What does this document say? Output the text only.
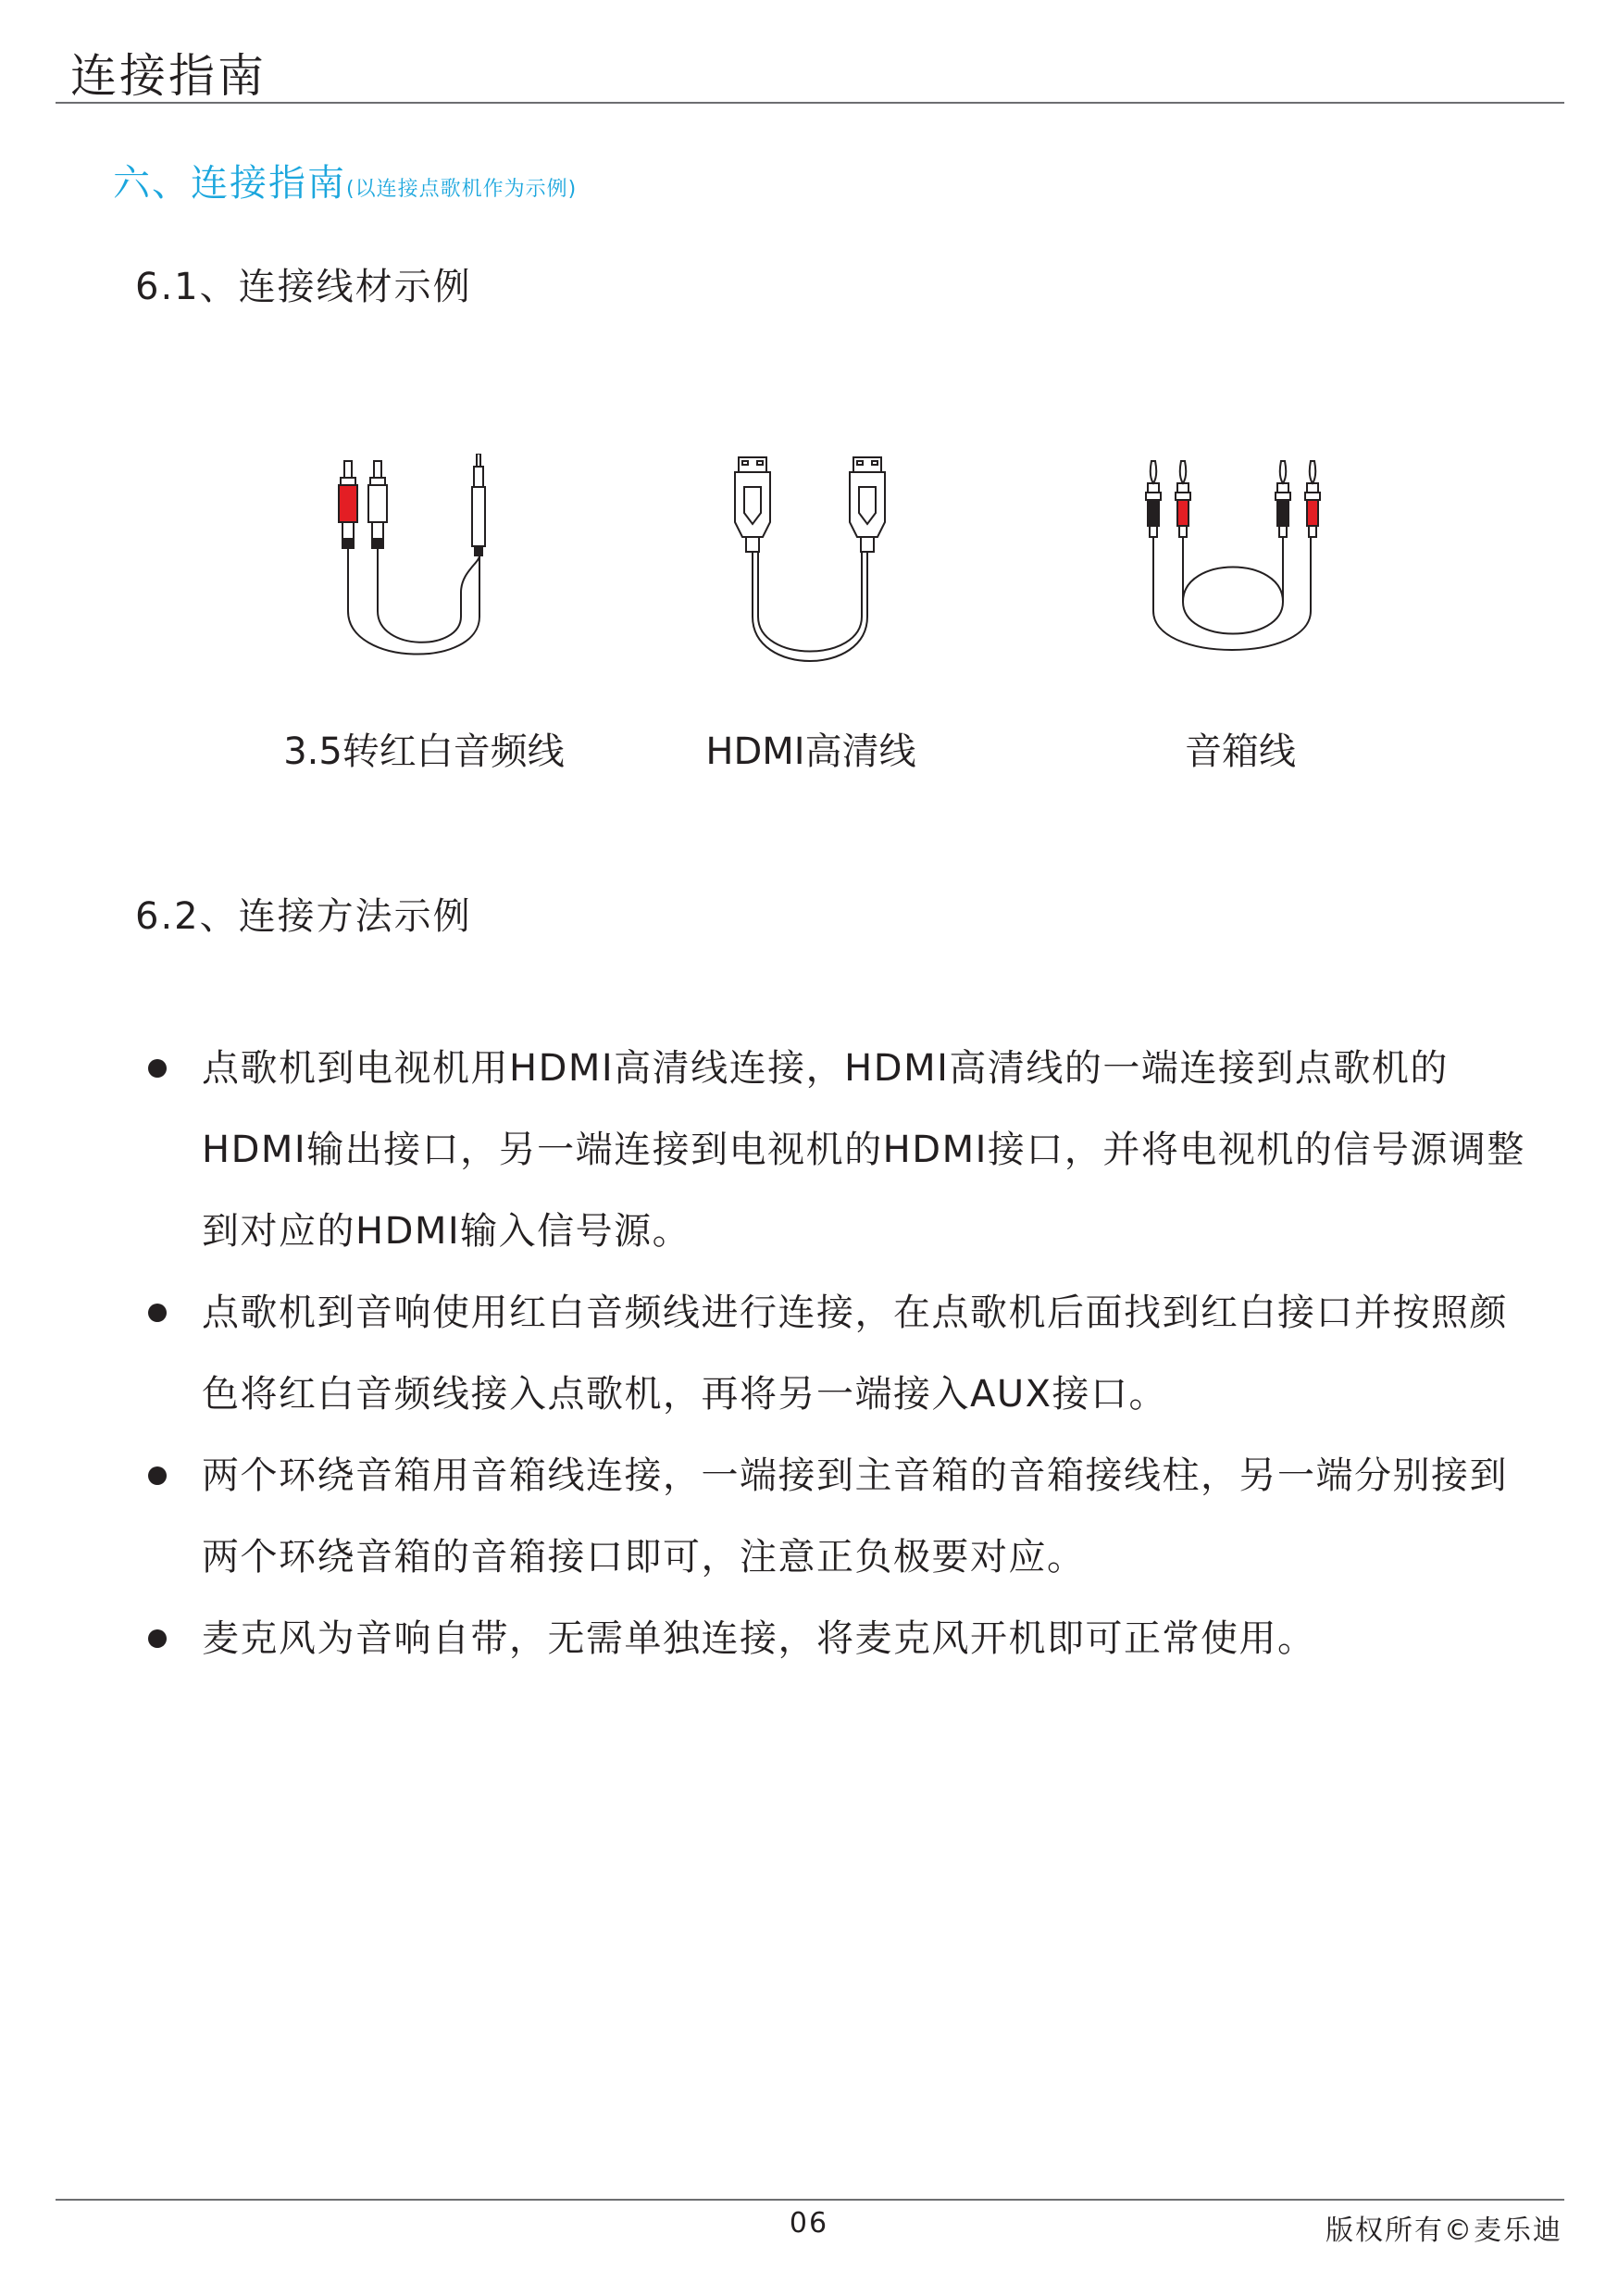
连接指南
六、连接指南(以连接点歌机作为示例)
6.1、连接线材示例
3.5转红白音频线	HDMI高清线	音箱线
6.2、连接方法示例
点歌机到电视机用HDMI高清线连接，HDMI高清线的一端连接到点歌机的HDMI输出接口，另一端连接到电视机的HDMI接口，并将电视机的信号源调整到对应的HDMI输入信号源。
点歌机到音响使用红白音频线进行连接，在点歌机后面找到红白接口并按照颜色将红白音频线接入点歌机，再将另一端接入AUX接口。
两个环绕音箱用音箱线连接，一端接到主音箱的音箱接线柱，另一端分别接到两个环绕音箱的音箱接口即可，注意正负极要对应。
麦克风为音响自带，无需单独连接，将麦克风开机即可正常使用。
06	版权所有©麦乐迪
